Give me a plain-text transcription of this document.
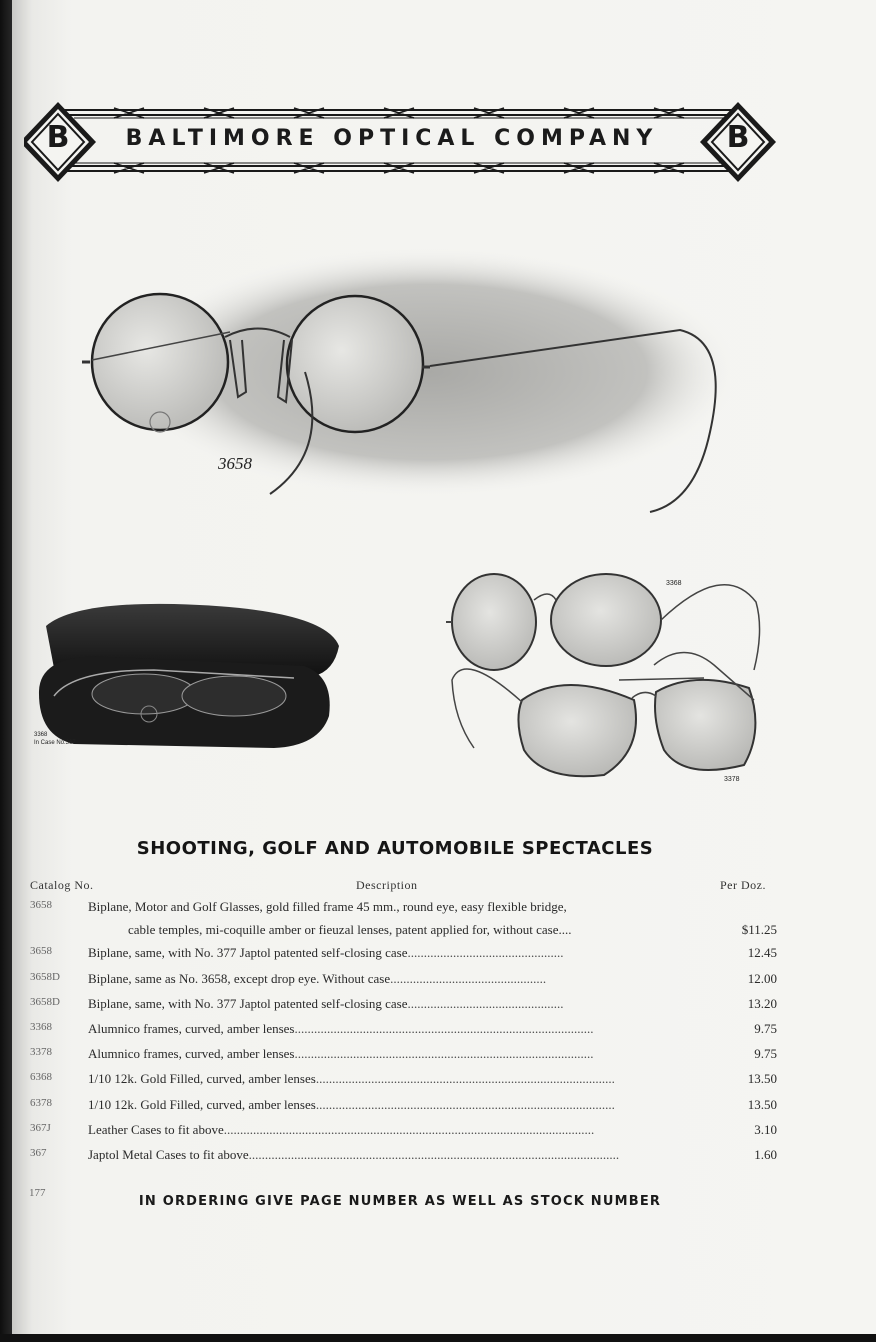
B	B
BALTIMORE OPTICAL COMPANY
3658
3368
In Case No.367
3368
3378
SHOOTING, GOLF AND AUTOMOBILE SPECTACLES
Catalog No.	Description	Per Doz.
3658	Biplane, Motor and Golf Glasses, gold filled frame 45 mm., round eye, easy flexible bridge,
cable temples, mi-coquille amber or fieuzal lenses, patent applied for, without case....	$11.25
3658	Biplane, same, with No. 377 Japtol patented self-closing case................................................	12.45
3658D	Biplane, same as No. 3658, except drop eye. Without case................................................	12.00
3658D	Biplane, same, with No. 377 Japtol patented self-closing case................................................	13.20
3368	Alumnico frames, curved, amber lenses............................................................................................	9.75
3378	Alumnico frames, curved, amber lenses............................................................................................	9.75
6368	1/10 12k. Gold Filled, curved, amber lenses............................................................................................	13.50
6378	1/10 12k. Gold Filled, curved, amber lenses............................................................................................	13.50
367J	Leather Cases to fit above..................................................................................................................	3.10
367	Japtol Metal Cases to fit above..................................................................................................................	1.60
177
IN ORDERING GIVE PAGE NUMBER AS WELL AS STOCK NUMBER
